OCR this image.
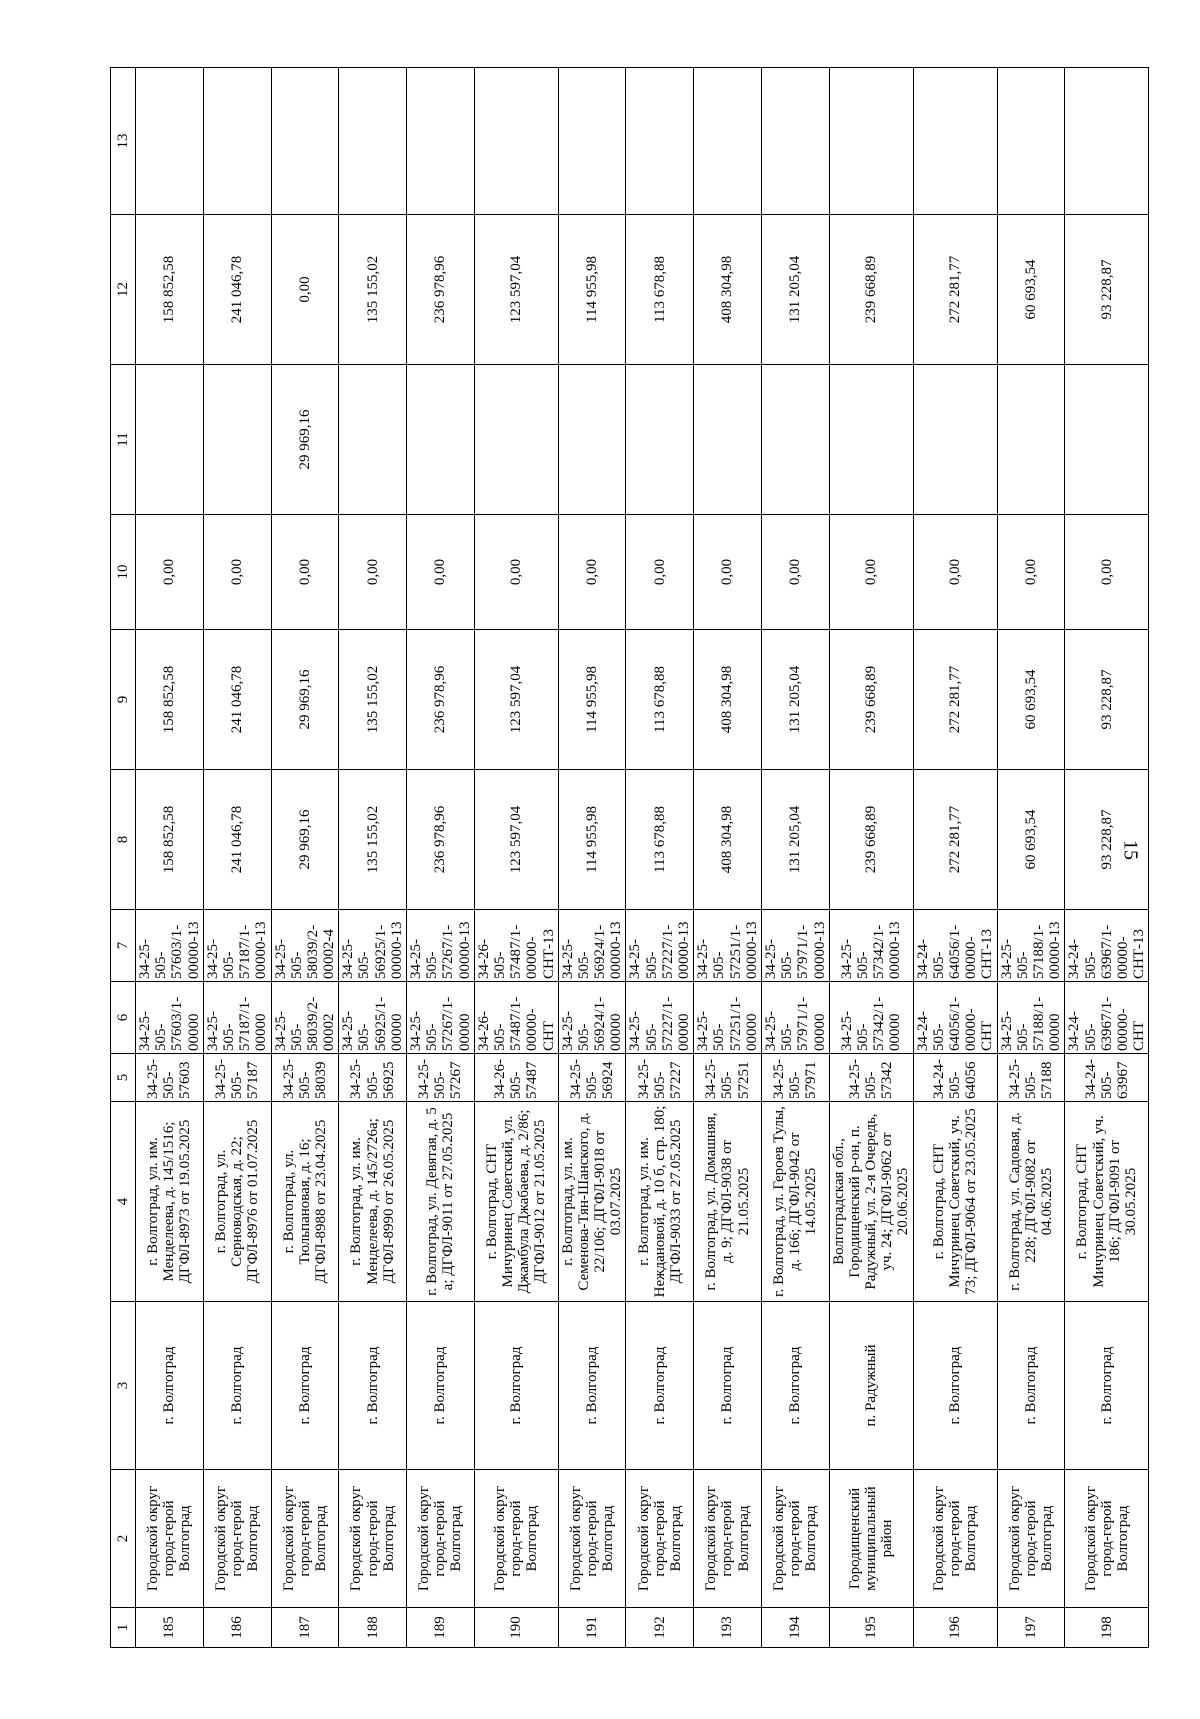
15
1	2	3	4	5	6	7	8	9	10	11	12	13
185	Городской округ город-герой Волгоград	г. Волгоград	г. Волгоград, ул. им. Менделеева, д. 145/1516; ДГФЛ-8973 от 19.05.2025	34-25-505-57603	34-25-505-57603/1-00000	34-25-505-57603/1-00000-13	158 852,58	158 852,58	0,00		158 852,58	
186	Городской округ город-герой Волгоград	г. Волгоград	г. Волгоград, ул. Серноводская, д. 22; ДГФЛ-8976 от 01.07.2025	34-25-505-57187	34-25-505-57187/1-00000	34-25-505-57187/1-00000-13	241 046,78	241 046,78	0,00		241 046,78	
187	Городской округ город-герой Волгоград	г. Волгоград	г. Волгоград, ул. Тюльпановая, д. 16; ДГФЛ-8988 от 23.04.2025	34-25-505-58039	34-25-505-58039/2-00002	34-25-505-58039/2-00002-4	29 969,16	29 969,16	0,00	29 969,16	0,00	
188	Городской округ город-герой Волгоград	г. Волгоград	г. Волгоград, ул. им. Менделеева, д. 145/2726а; ДГФЛ-8990 от 26.05.2025	34-25-505-56925	34-25-505-56925/1-00000	34-25-505-56925/1-00000-13	135 155,02	135 155,02	0,00		135 155,02	
189	Городской округ город-герой Волгоград	г. Волгоград	г. Волгоград, ул. Девятая, д. 5 а; ДГФЛ-9011 от 27.05.2025	34-25-505-57267	34-25-505-57267/1-00000	34-25-505-57267/1-00000-13	236 978,96	236 978,96	0,00		236 978,96	
190	Городской округ город-герой Волгоград	г. Волгоград	г. Волгоград, СНТ Мичуринец Советский, ул. Джамбула Джабаева, д. 2/86; ДГФЛ-9012 от 21.05.2025	34-26-505-57487	34-26-505-57487/1-00000-СНТ	34-26-505-57487/1-00000-СНТ-13	123 597,04	123 597,04	0,00		123 597,04	
191	Городской округ город-герой Волгоград	г. Волгоград	г. Волгоград, ул. им. Семенова-Тян-Шанского, д. 22/106; ДГФЛ-9018 от 03.07.2025	34-25-505-56924	34-25-505-56924/1-00000	34-25-505-56924/1-00000-13	114 955,98	114 955,98	0,00		114 955,98	
192	Городской округ город-герой Волгоград	г. Волгоград	г. Волгоград, ул. им. Неждановой, д. 10 б, стр. 180; ДГФЛ-9033 от 27.05.2025	34-25-505-57227	34-25-505-57227/1-00000	34-25-505-57227/1-00000-13	113 678,88	113 678,88	0,00		113 678,88	
193	Городской округ город-герой Волгоград	г. Волгоград	г. Волгоград, ул. Домашняя, д. 9; ДГФЛ-9038 от 21.05.2025	34-25-505-57251	34-25-505-57251/1-00000	34-25-505-57251/1-00000-13	408 304,98	408 304,98	0,00		408 304,98	
194	Городской округ город-герой Волгоград	г. Волгоград	г. Волгоград, ул. Героев Тулы, д. 166; ДГФЛ-9042 от 14.05.2025	34-25-505-57971	34-25-505-57971/1-00000	34-25-505-57971/1-00000-13	131 205,04	131 205,04	0,00		131 205,04	
195	Городищенский муниципальный район	п. Радужный	Волгоградская обл., Городищенский р-он, п. Радужный, ул. 2-я Очередь, уч. 24; ДГФЛ-9062 от 20.06.2025	34-25-505-57342	34-25-505-57342/1-00000	34-25-505-57342/1-00000-13	239 668,89	239 668,89	0,00		239 668,89	
196	Городской округ город-герой Волгоград	г. Волгоград	г. Волгоград, СНТ Мичуринец Советский, уч. 73; ДГФЛ-9064 от 23.05.2025	34-24-505-64056	34-24-505-64056/1-00000-СНТ	34-24-505-64056/1-00000-СНТ-13	272 281,77	272 281,77	0,00		272 281,77	
197	Городской округ город-герой Волгоград	г. Волгоград	г. Волгоград, ул. Садовая, д. 228; ДГФЛ-9082 от 04.06.2025	34-25-505-57188	34-25-505-57188/1-00000	34-25-505-57188/1-00000-13	60 693,54	60 693,54	0,00		60 693,54	
198	Городской округ город-герой Волгоград	г. Волгоград	г. Волгоград, СНТ Мичуринец Советский, уч. 186; ДГФЛ-9091 от 30.05.2025	34-24-505-63967	34-24-505-63967/1-00000-СНТ	34-24-505-63967/1-00000-СНТ-13	93 228,87	93 228,87	0,00		93 228,87	
